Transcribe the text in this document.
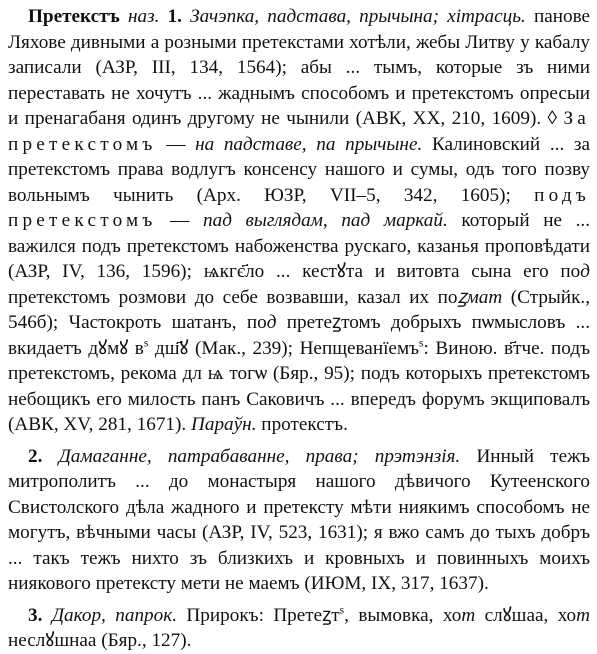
Претекстъ наз. 1. Зачэпка, падстава, прычына; хітрасць. панове Ляхове дивными а розными претекстами хотѣли, жебы Литву у кабалу записали (АЗР, III, 134, 1564); абы ... тымъ, которые зъ ними переставать не хочутъ ... жаднымъ способомъ и претекстомъ опресыи и пренагабаня одинъ другому не чынили (АВК, XX, 210, 1609). ◊ За претекстомъ — на падставе, па прычыне. Калиновский ... за претекстомъ права водлугъ консенсу нашого и сумы, одъ того позву вольнымъ чынить (Арх. ЮЗР, VII–5, 342, 1605); подъ претекстомъ — пад выглядам, пад маркай. который не ... важился подъ претекстомъ набоженства рускаго, казанья проповѣдати (АЗР, IV, 136, 1596); ѩкгє҃ло ... кестꙋта и витовта сына его под претекстомъ розмови до себе возвавши, казал их поꙁмат (Стрыйк., 546б); Частокроть шатанъ, под претеꙁтомъ добрыхъ пѡмысловъ ... вкидаетъ дꙋмꙋ $в^ѕ$ дш҃ꙋ (Мак., 239); Непщеванїемъ$^ѕ$: Виною. в҃тче. подъ претекстомъ, рекома дл ѩ тогѡ (Бяр., 95); подъ которыхъ претекстомъ небощикъ его милость панъ Саковичъ ... впередъ форумъ экщиповалъ (АВК, XV, 281, 1671). Параўн. протекстъ.

2. Дамаганне, патрабаванне, права; прэтэнзія. Инный тежъ митрополитъ ... до монастыря нашого дѣвичого Кутеенского Свистолского дѣла жадного и претексту мѣти ниякимъ способомъ не могутъ, вѣчными часы (АЗР, IV, 523, 1631); я вжо самъ до тыхъ добръ ... такъ тежъ нихто зъ близкихъ и кровныхъ и повинныхъ моихъ ниякового претексту мети не маемъ (ИЮМ, IX, 317, 1637).

3. Дакор, папрок. Прирокъ: Претеꙁт$^ѕ$, вымовка, хот слꙋшаа, хот неслꙋшнаа (Бяр., 127).
